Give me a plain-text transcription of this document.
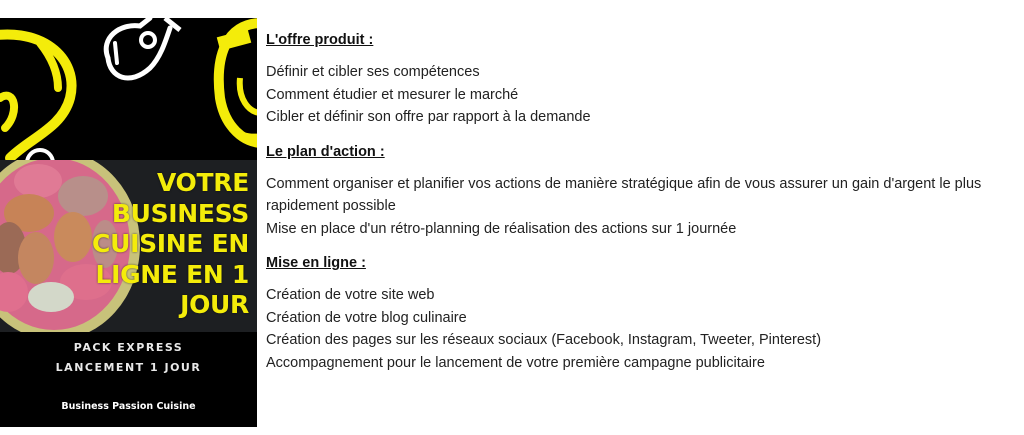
VOTRE
BUSINESS
CUISINE EN
LIGNE EN 1
JOUR
PACK EXPRESS
LANCEMENT 1 JOUR
Business Passion Cuisine
L'offre produit :
Définir et cibler ses compétences
Comment étudier et mesurer le marché
Cibler et définir son offre par rapport à la demande
Le plan d'action :
Comment organiser et planifier vos actions de manière stratégique afin de vous assurer un gain d'argent le plus rapidement possible
Mise en place d'un rétro-planning de réalisation des actions sur 1 journée
Mise en ligne :
Création de votre site web
Création de votre blog culinaire
Création des pages sur les réseaux sociaux (Facebook, Instagram, Tweeter, Pinterest)
Accompagnement pour le lancement de votre première campagne publicitaire
